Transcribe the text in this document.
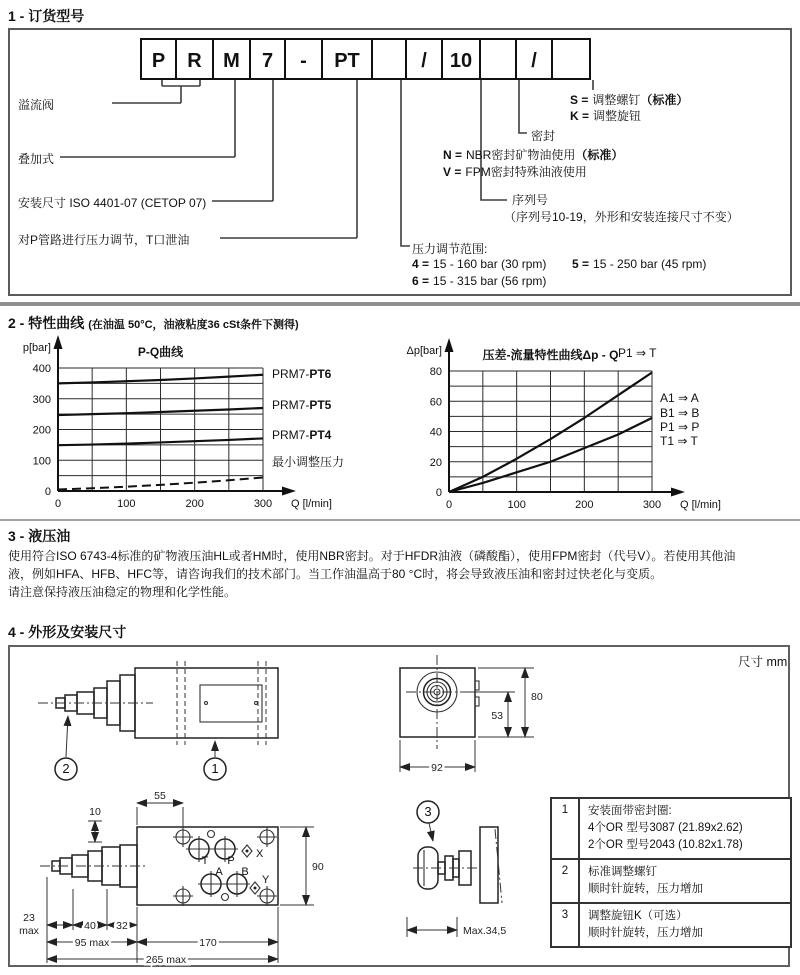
1 - 订货型号
P	R	M	7	-	PT	/	10	/
溢流阀
叠加式
安装尺寸 ISO 4401-07 (CETOP 07)
对P管路进行压力调节，T口泄油
S = 调整螺钉（标准）
K = 调整旋钮
密封
N = NBR密封矿物油使用（标准）
V = FPM密封特殊油液使用
序列号
（序列号10-19，外形和安装连接尺寸不变）
压力调节范围:
4 = 15 - 160 bar (30 rpm) 5 = 15 - 250 bar (45 rpm)
6 = 15 - 315 bar (56 rpm)
2 - 特性曲线 (在油温 50°C，油液粘度36 cSt条件下测得)
0
100
200
300
400
0	100	200	300
P-Q曲线
p[bar]
Q [l/min]
0
20
40
60
80
0	100	200	300
压差-流量特性曲线Δp - Q
Δp[bar]
Q [l/min]
PRM7-PT6
PRM7-PT5
PRM7-PT4
最小调整压力
P1 ⇒ T
A1 ⇒ A
B1 ⇒ B
P1 ⇒ P
T1 ⇒ T
3 - 液压油
使用符合ISO 6743-4标准的矿物液压油HL或者HM时，使用NBR密封。对于HFDR油液（磷酸酯），使用FPM密封（代号V）。若使用其他油
液，例如HFA、HFB、HFC等，请咨询我们的技术部门。当工作油温高于80 °C时，将会导致液压油和密封过快老化与变质。
请注意保持液压油稳定的物理和化学性能。
4 - 外形及安装尺寸
2	1
80
53
92
T P
X
A B
Y
55
10
90
23
max	40 32
95 max	170
265 max
3
Max.34,5
尺寸 mm
1	安装面带密封圈:
4个OR 型号3087 (21.89x2.62)
2个OR 型号2043 (10.82x1.78)
2	标准调整螺钉
顺时针旋转，压力增加
3	调整旋钮K（可选）
顺时针旋转，压力增加
